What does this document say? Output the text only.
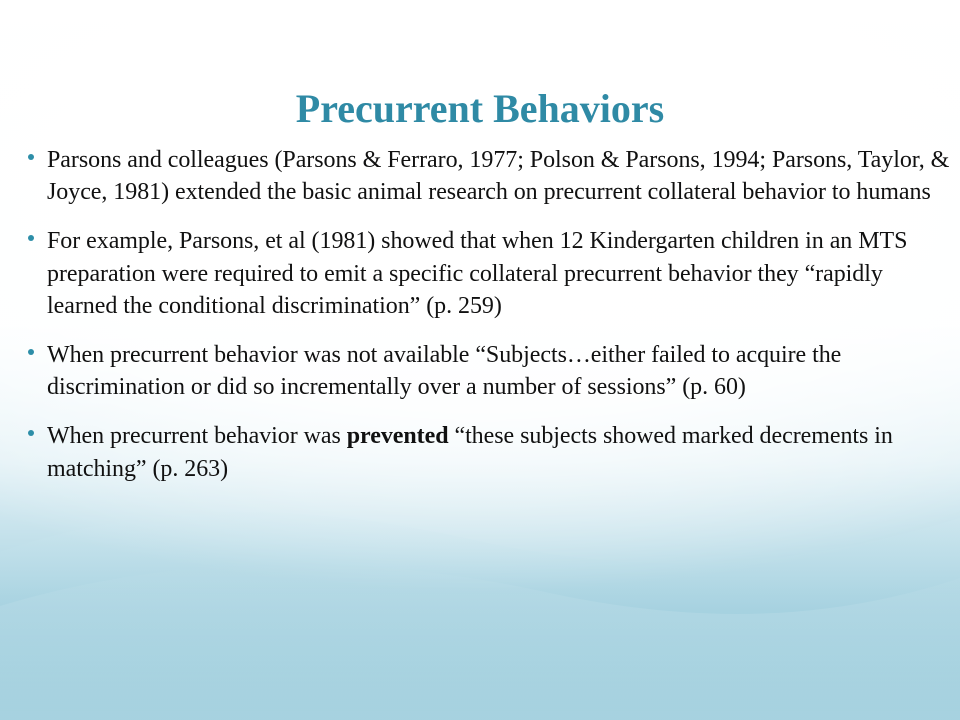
Precurrent Behaviors
Parsons and colleagues (Parsons & Ferraro, 1977; Polson & Parsons, 1994; Parsons, Taylor, & Joyce, 1981) extended the basic animal research on precurrent collateral behavior to humans
For example, Parsons, et al (1981) showed that when 12 Kindergarten children in an MTS preparation were required to emit a specific collateral precurrent behavior they “rapidly learned the conditional discrimination” (p. 259)
When precurrent behavior was not available “Subjects…either failed to acquire the discrimination or did so incrementally over a number of sessions” (p. 60)
When precurrent behavior was prevented “these subjects showed marked decrements in matching” (p. 263)
